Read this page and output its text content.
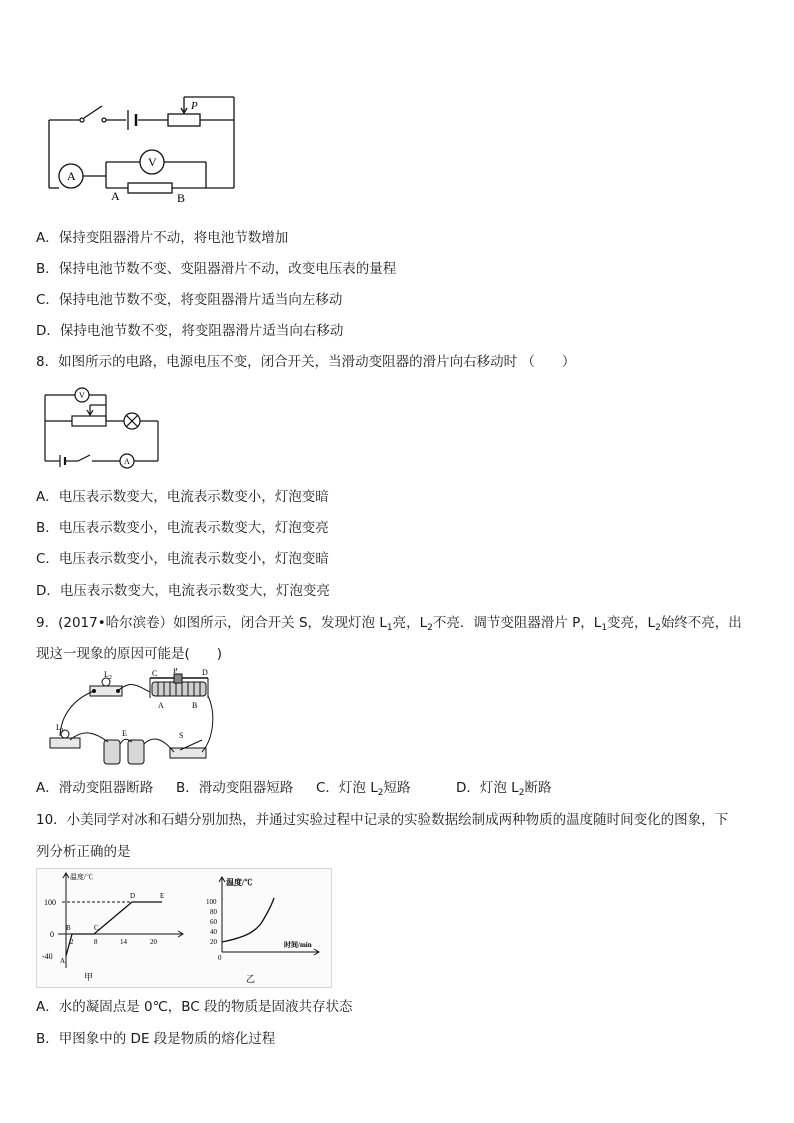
P
V
A
A	B
A．保持变阻器滑片不动，将电池节数增加
B．保持电池节数不变、变阻器滑片不动，改变电压表的量程
C．保持电池节数不变，将变阻器滑片适当向左移动
D．保持电池节数不变，将变阻器滑片适当向右移动
8．如图所示的电路，电源电压不变，闭合开关，当滑动变阻器的滑片向右移动时 （　　）
V
A
A．电压表示数变大，电流表示数变小，灯泡变暗
B．电压表示数变小，电流表示数变大，灯泡变亮
C．电压表示数变小，电流表示数变小，灯泡变暗
D．电压表示数变大，电流表示数变大，灯泡变亮
9．(2017•哈尔滨卷）如图所示，闭合开关 S，发现灯泡 $L_1$亮，$L_2$不亮．调节变阻器滑片 P，$L_1$变亮，$L_2$始终不亮，出
现这一现象的原因可能是(　　)
$L_2$
$L_1$
C P	D
A	B
E	S
A．滑动变阻器断路 B．滑动变阻器短路 C．灯泡 $L_2$短路	D．灯泡 $L_2$断路
10．小美同学对冰和石蜡分别加热，并通过实验过程中记录的实验数据绘制成两种物质的温度随时间变化的图象，下
列分析正确的是
温度/℃
100
0
-40
2	8	14	20
A
B	C
D	E
甲
温度/℃
100
80
60
40
20
0
时间/min
乙
A．水的凝固点是 0℃，BC 段的物质是固液共存状态
B．甲图象中的 DE 段是物质的熔化过程
